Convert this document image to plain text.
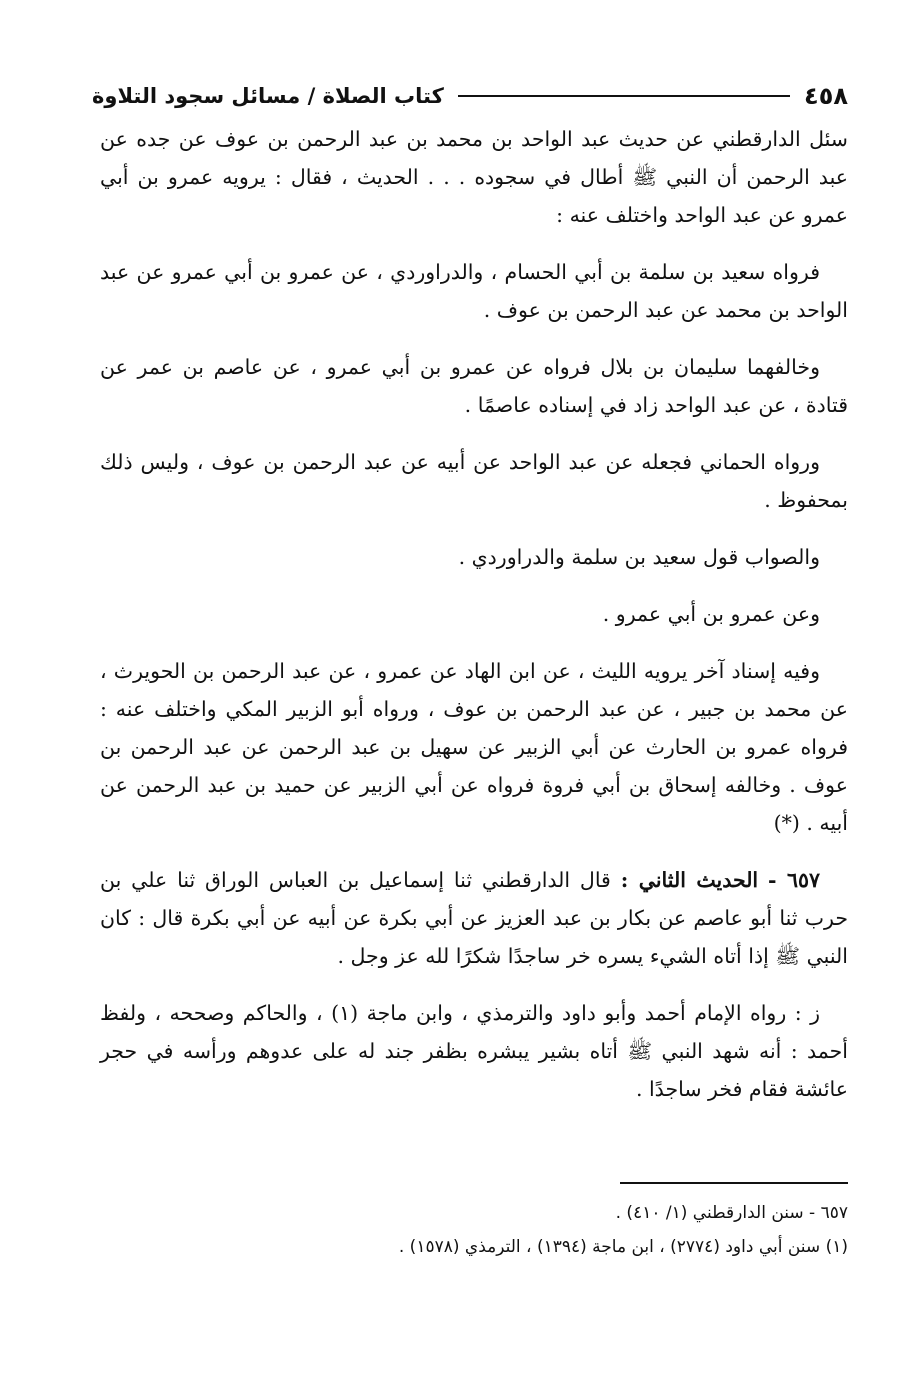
٤٥٨
كتاب الصلاة / مسائل سجود التلاوة

سئل الدارقطني عن حديث عبد الواحد بن محمد بن عبد الرحمن بن عوف عن جده عن عبد الرحمن أن النبي ﷺ أطال في سجوده . . . الحديث ، فقال : يرويه عمرو بن أبي عمرو عن عبد الواحد واختلف عنه :

فرواه سعيد بن سلمة بن أبي الحسام ، والدراوردي ، عن عمرو بن أبي عمرو عن عبد الواحد بن محمد عن عبد الرحمن بن عوف .

وخالفهما سليمان بن بلال فرواه عن عمرو بن أبي عمرو ، عن عاصم بن عمر عن قتادة ، عن عبد الواحد زاد في إسناده عاصمًا .

ورواه الحماني فجعله عن عبد الواحد عن أبيه عن عبد الرحمن بن عوف ، وليس ذلك بمحفوظ .

والصواب قول سعيد بن سلمة والدراوردي .

وعن عمرو بن أبي عمرو .

وفيه إسناد آخر يرويه الليث ، عن ابن الهاد عن عمرو ، عن عبد الرحمن بن الحويرث ، عن محمد بن جبير ، عن عبد الرحمن بن عوف ، ورواه أبو الزبير المكي واختلف عنه : فرواه عمرو بن الحارث عن أبي الزبير عن سهيل بن عبد الرحمن عن عبد الرحمن بن عوف . وخالفه إسحاق بن أبي فروة فرواه عن أبي الزبير عن حميد بن عبد الرحمن عن أبيه . (*)

٦٥٧ - الحديث الثاني : قال الدارقطني ثنا إسماعيل بن العباس الوراق ثنا علي بن حرب ثنا أبو عاصم عن بكار بن عبد العزيز عن أبي بكرة عن أبيه عن أبي بكرة قال : كان النبي ﷺ إذا أتاه الشيء يسره خر ساجدًا شكرًا لله عز وجل .

ز : رواه الإمام أحمد وأبو داود والترمذي ، وابن ماجة (١) ، والحاكم وصححه ، ولفظ أحمد : أنه شهد النبي ﷺ أتاه بشير يبشره بظفر جند له على عدوهم ورأسه في حجر عائشة فقام فخر ساجدًا .

٦٥٧ - سنن الدارقطني (١/ ٤١٠) .
(١) سنن أبي داود (٢٧٧٤) ، ابن ماجة (١٣٩٤) ، الترمذي (١٥٧٨) .
